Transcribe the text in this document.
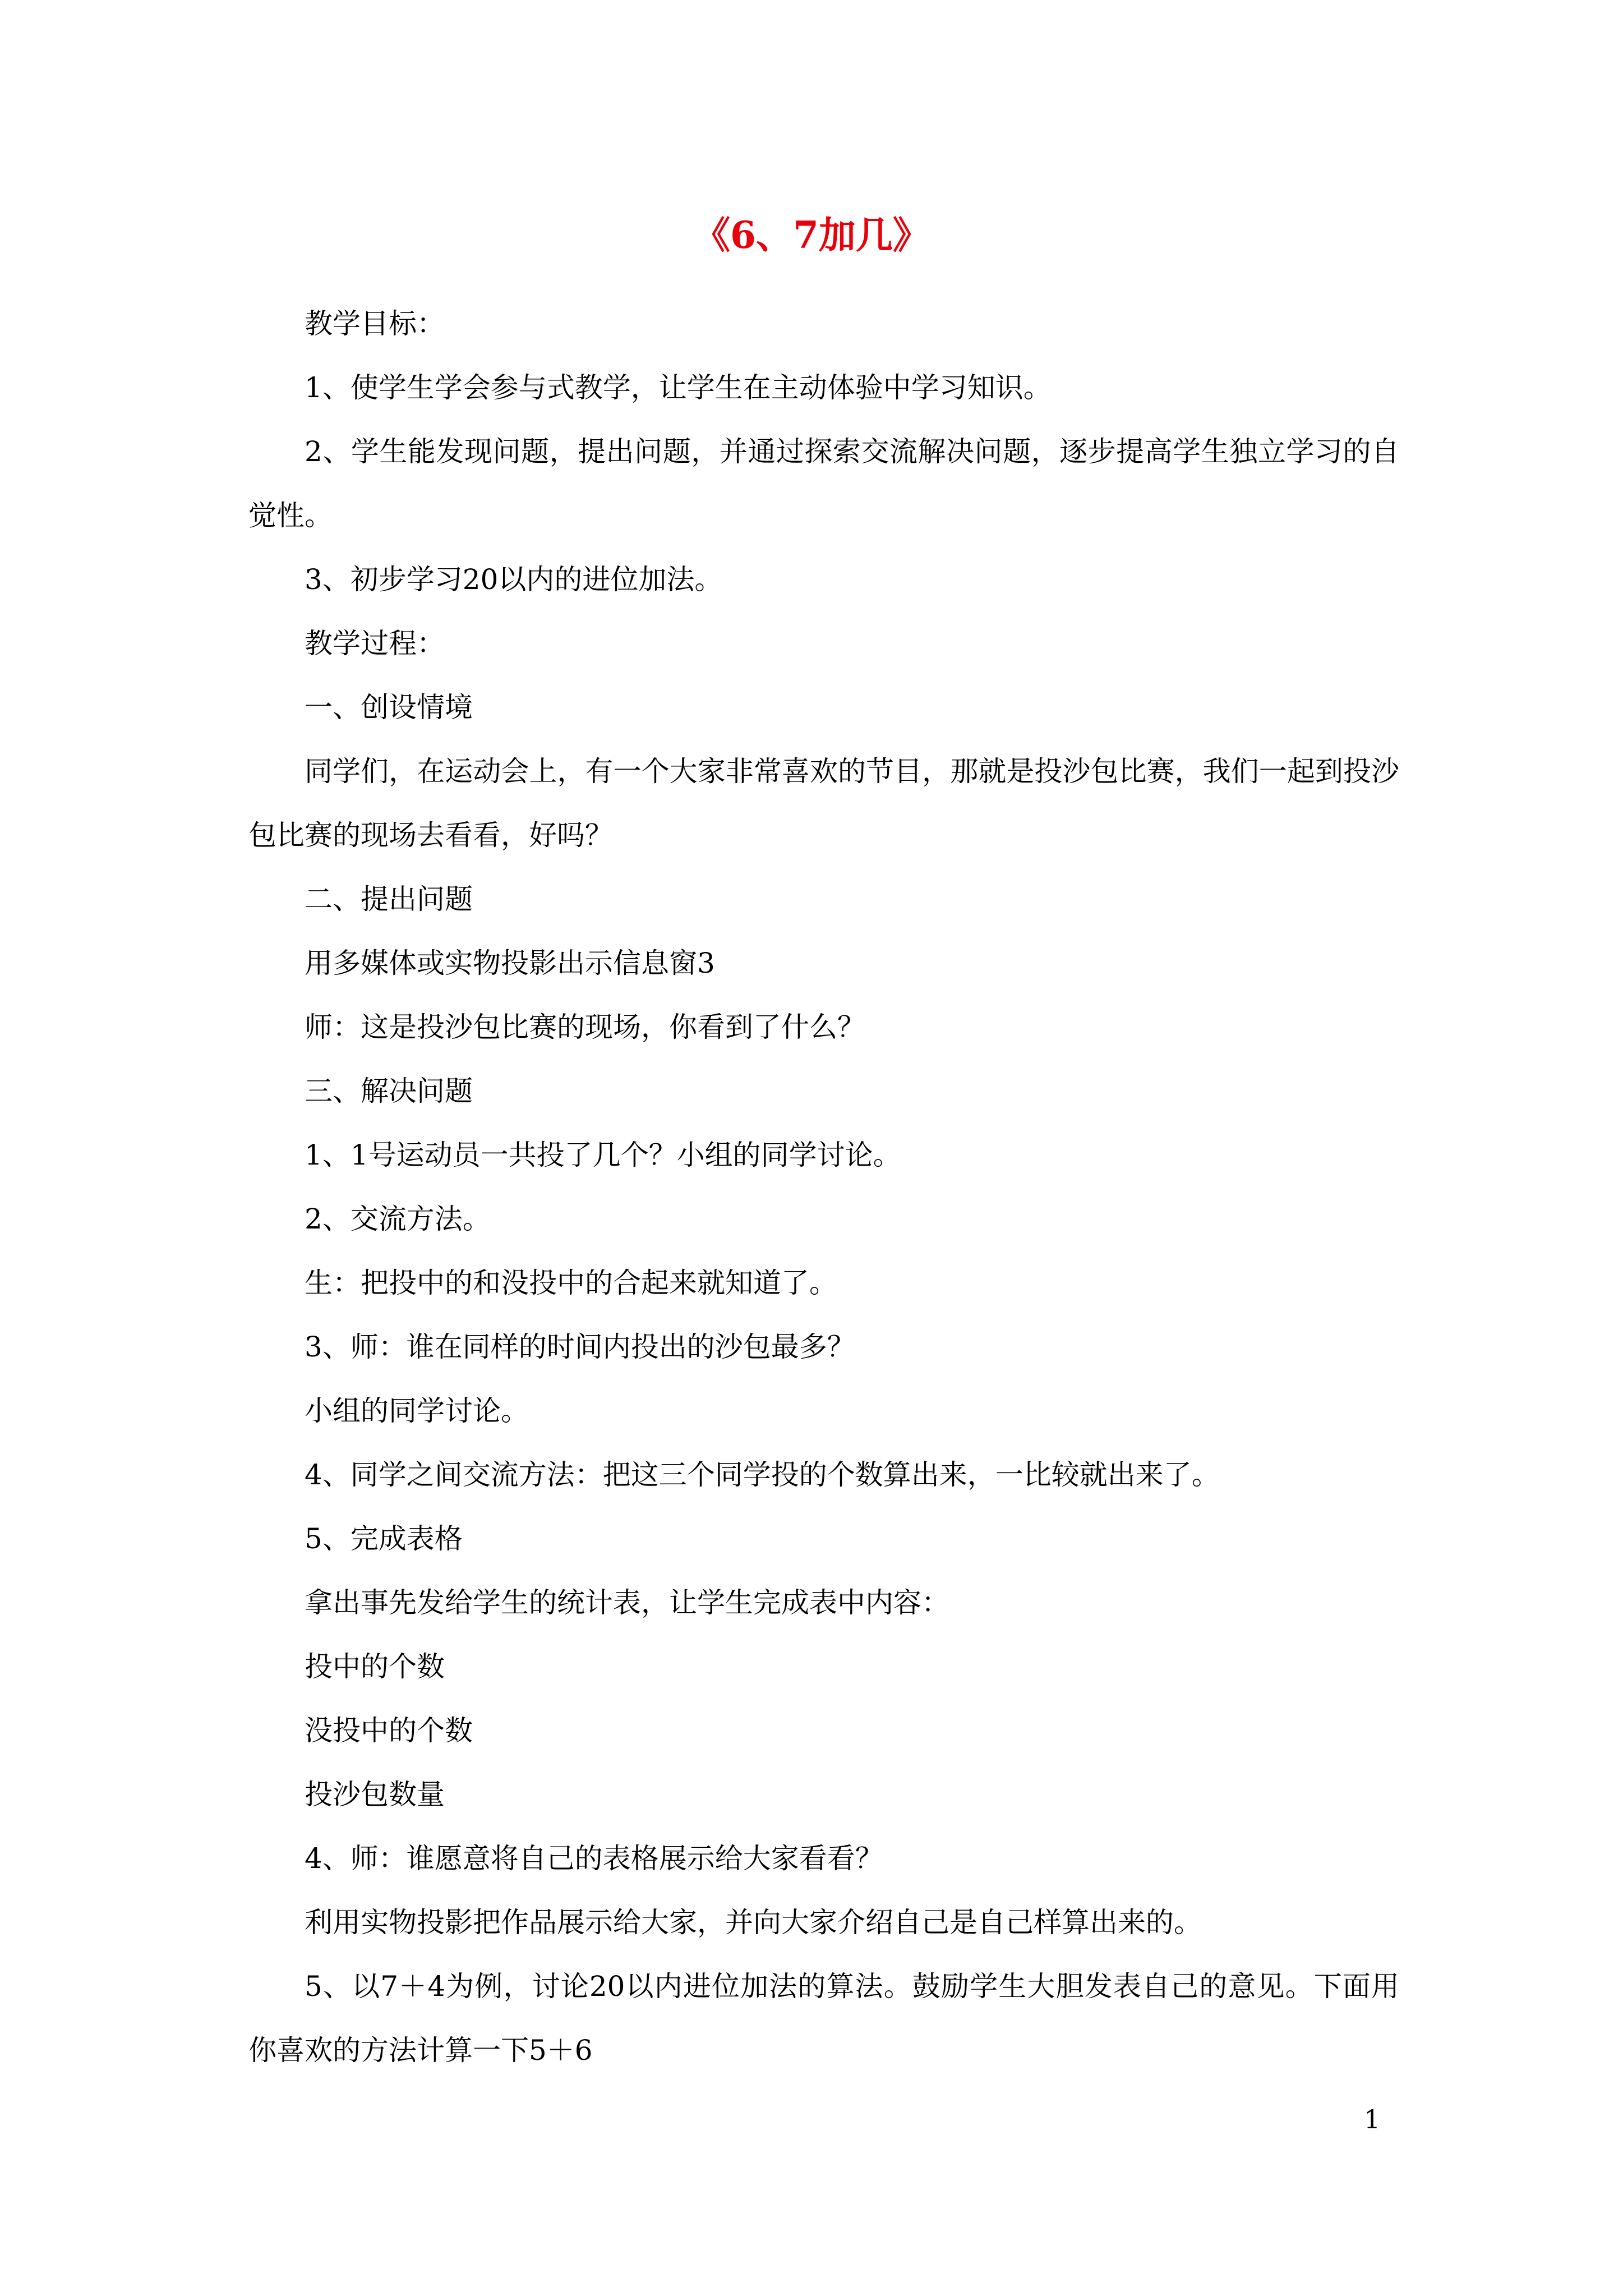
《6、7加几》

教学目标：

1、使学生学会参与式教学，让学生在主动体验中学习知识。

2、学生能发现问题，提出问题，并通过探索交流解决问题，逐步提高学生独立学习的自觉性。

3、初步学习20以内的进位加法。

教学过程：

一、创设情境

同学们，在运动会上，有一个大家非常喜欢的节目，那就是投沙包比赛，我们一起到投沙包比赛的现场去看看，好吗？

二、提出问题

用多媒体或实物投影出示信息窗3

师：这是投沙包比赛的现场，你看到了什么？

三、解决问题

1、1号运动员一共投了几个？小组的同学讨论。

2、交流方法。

生：把投中的和没投中的合起来就知道了。

3、师：谁在同样的时间内投出的沙包最多？

小组的同学讨论。

4、同学之间交流方法：把这三个同学投的个数算出来，一比较就出来了。

5、完成表格

拿出事先发给学生的统计表，让学生完成表中内容：

投中的个数

没投中的个数

投沙包数量

4、师：谁愿意将自己的表格展示给大家看看？

利用实物投影把作品展示给大家，并向大家介绍自己是自己样算出来的。

5、以7＋4为例，讨论20以内进位加法的算法。鼓励学生大胆发表自己的意见。下面用你喜欢的方法计算一下5＋6

1
